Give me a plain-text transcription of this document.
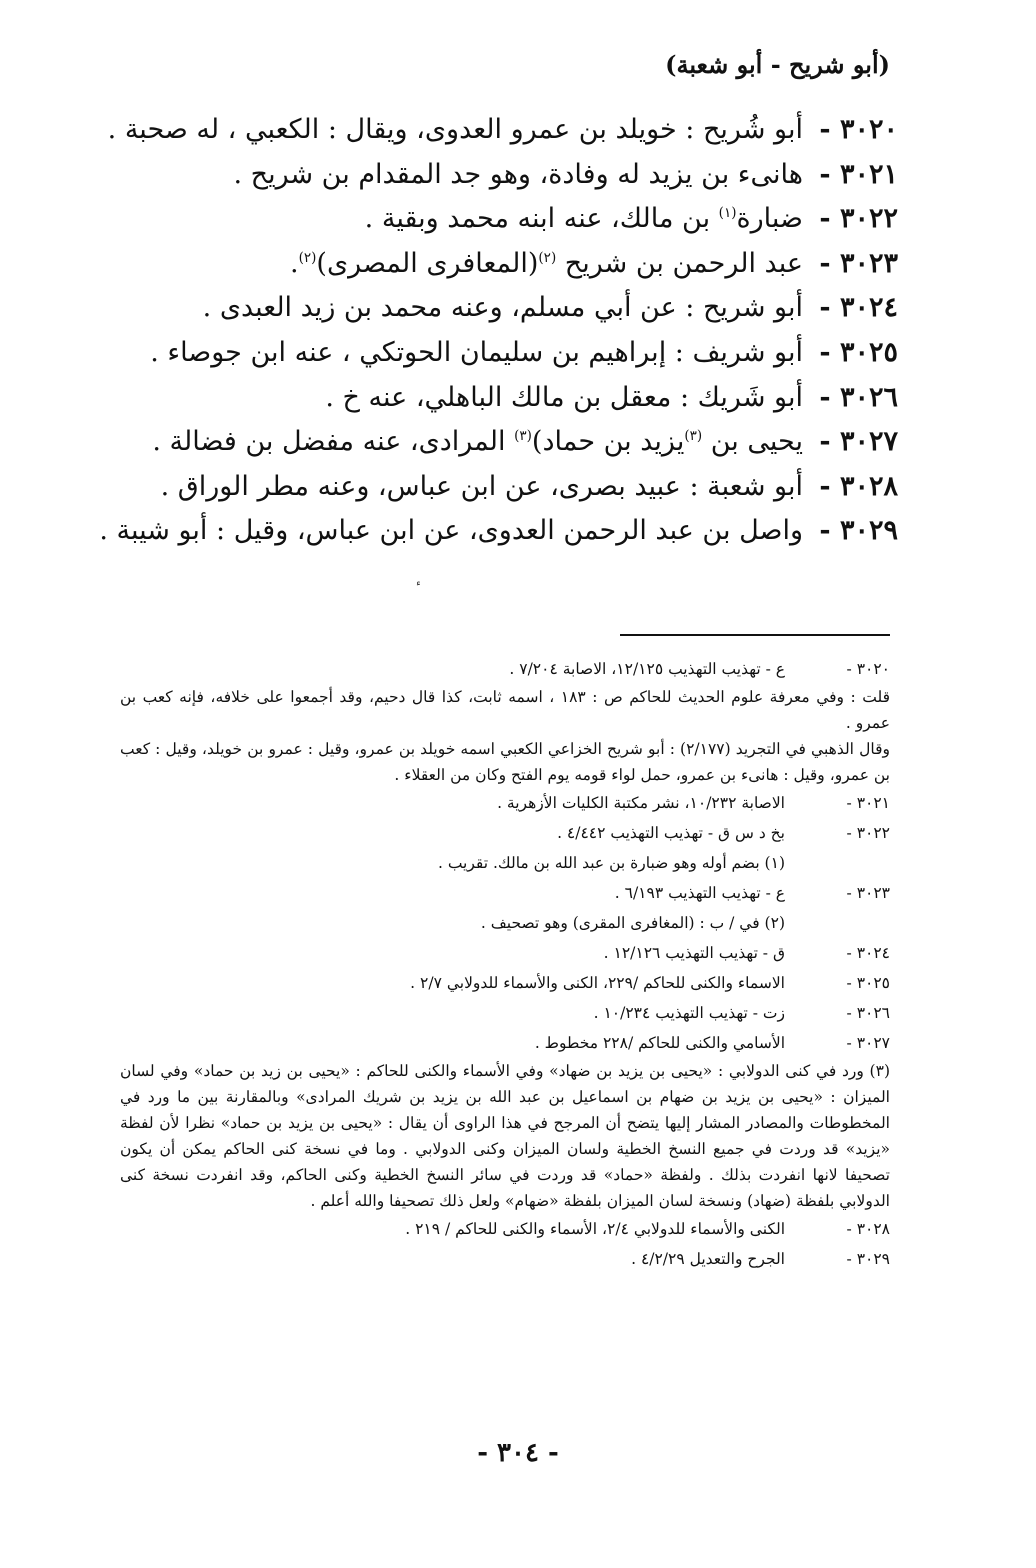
(أبو شريح - أبو شعبة)
٣٠٢٠ -
أبو شُريح : خويلد بن عمرو العدوى، ويقال : الكعبي ، له صحبة .
٣٠٢١ -
هانىء بن يزيد له وفادة، وهو جد المقدام بن شريح .
٣٠٢٢ -
ضبارة$^{(١)}$ بن مالك، عنه ابنه محمد وبقية .
٣٠٢٣ -
عبد الرحمن بن شريح $^{(٢)}$(المعافرى المصرى)$^{(٢)}$.
٣٠٢٤ -
أبو شريح : عن أبي مسلم، وعنه محمد بن زيد العبدى .
٣٠٢٥ -
أبو شريف : إبراهيم بن سليمان الحوتكي ، عنه ابن جوصاء .
٣٠٢٦ -
أبو شَريك : معقل بن مالك الباهلي، عنه خ .
٣٠٢٧ -
يحيى بن $^{(٣)}$يزيد بن حماد)$^{(٣)}$ المرادى، عنه مفضل بن فضالة .
٣٠٢٨ -
أبو شعبة : عبيد بصرى، عن ابن عباس، وعنه مطر الوراق .
٣٠٢٩ -
واصل بن عبد الرحمن العدوى، عن ابن عباس، وقيل : أبو شيبة .
٣٠٢٠ -
ع - تهذيب التهذيب ١٢/١٢٥، الاصابة ٧/٢٠٤ .
قلت : وفي معرفة علوم الحديث للحاكم ص : ١٨٣ ، اسمه ثابت، كذا قال دحيم، وقد أجمعوا على خلافه، فإنه كعب بن عمرو .
وقال الذهبي في التجريد (٢/١٧٧) : أبو شريح الخزاعي الكعبي اسمه خويلد بن عمرو، وقيل : عمرو بن خويلد، وقيل : كعب بن عمرو، وقيل : هانىء بن عمرو، حمل لواء قومه يوم الفتح وكان من العقلاء .
٣٠٢١ -
الاصابة ١٠/٢٣٢، نشر مكتبة الكليات الأزهرية .
٣٠٢٢ -
بخ د س ق - تهذيب التهذيب ٤/٤٤٢ .
(١) بضم أوله وهو ضبارة بن عبد الله بن مالك. تقريب .
٣٠٢٣ -
ع - تهذيب التهذيب ٦/١٩٣ .
(٢) في / ب : (المغافرى المقرى) وهو تصحيف .
٣٠٢٤ -
ق - تهذيب التهذيب ١٢/١٢٦ .
٣٠٢٥ -
الاسماء والكنى للحاكم /٢٢٩، الكنى والأسماء للدولابي ٢/٧ .
٣٠٢٦ -
زت - تهذيب التهذيب ١٠/٢٣٤ .
٣٠٢٧ -
الأسامي والكنى للحاكم /٢٢٨ مخطوط .
(٣) ورد في كنى الدولابي : «يحيى بن يزيد بن ضهاد» وفي الأسماء والكنى للحاكم : «يحيى بن زيد بن حماد» وفي لسان الميزان : «يحيى بن يزيد بن ضهام بن اسماعيل بن عبد الله بن يزيد بن شريك المرادى» وبالمقارنة بين ما ورد في المخطوطات والمصادر المشار إليها يتضح أن المرجح في هذا الراوى أن يقال : «يحيى بن يزيد بن حماد» نظرا لأن لفظة «يزيد» قد وردت في جميع النسخ الخطية ولسان الميزان وكنى الدولابي . وما في نسخة كنى الحاكم يمكن أن يكون تصحيفا لانها انفردت بذلك . ولفظة «حماد» قد وردت في سائر النسخ الخطية وكنى الحاكم، وقد انفردت نسخة كنى الدولابي بلفظة (ضهاد) ونسخة لسان الميزان بلفظة «ضهام» ولعل ذلك تصحيفا والله أعلم .
٣٠٢٨ -
الكنى والأسماء للدولابي ٢/٤، الأسماء والكنى للحاكم / ٢١٩ .
٣٠٢٩ -
الجرح والتعديل ٤/٢/٢٩ .
- ٣٠٤ -
